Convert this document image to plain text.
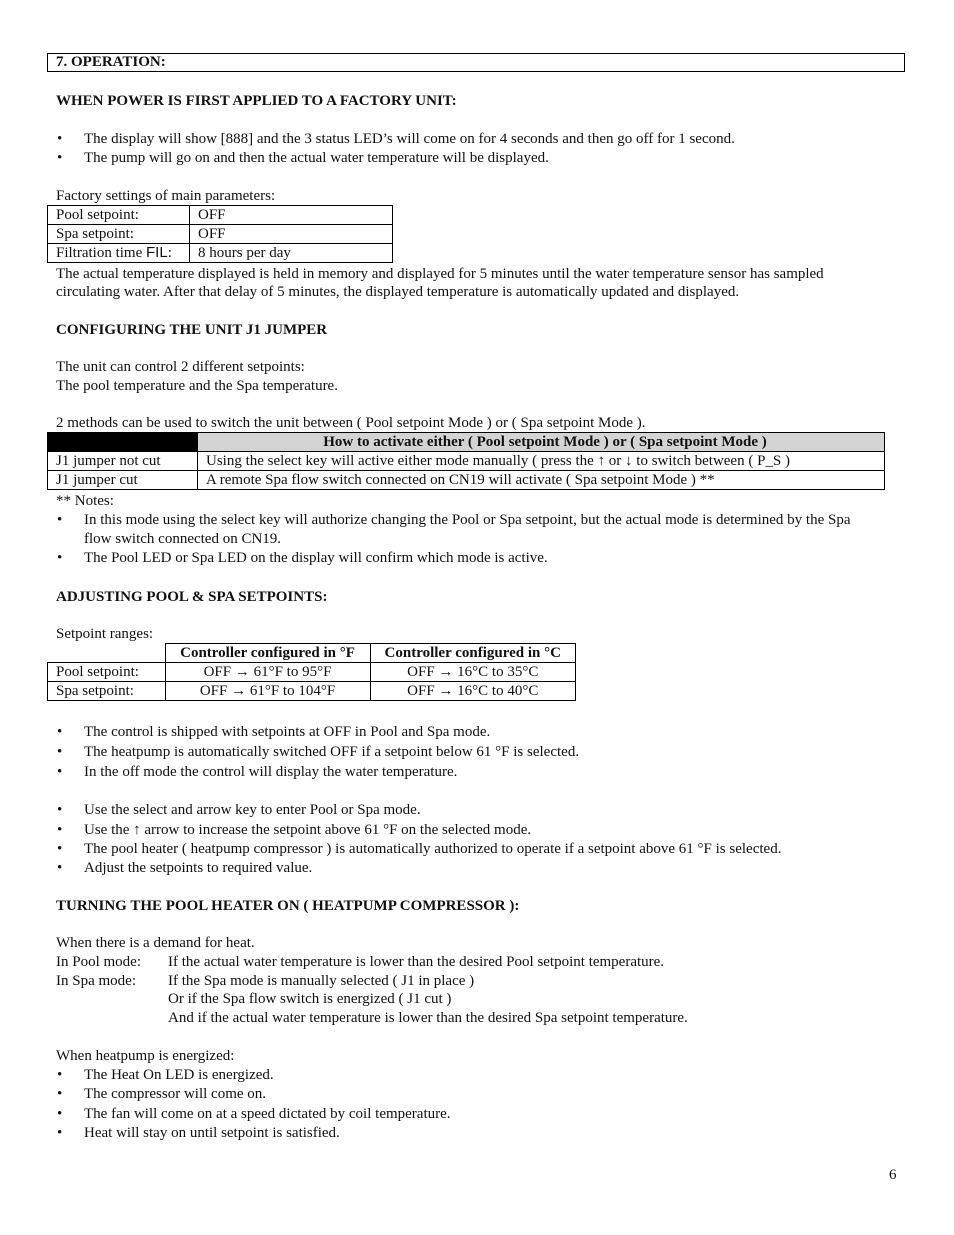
7. OPERATION:
WHEN POWER IS FIRST APPLIED TO A FACTORY UNIT:
• The display will show [888] and the 3 status LED’s will come on for 4 seconds and then go off for 1 second.
• The pump will go on and then the actual water temperature will be displayed.
Factory settings of main parameters:
Pool setpoint:	OFF
Spa setpoint:	OFF
Filtration time FIL:	8 hours per day
The actual temperature displayed is held in memory and displayed for 5 minutes until the water temperature sensor has sampled
circulating water. After that delay of 5 minutes, the displayed temperature is automatically updated and displayed.
CONFIGURING THE UNIT J1 JUMPER
The unit can control 2 different setpoints:
The pool temperature and the Spa temperature.
2 methods can be used to switch the unit between ( Pool setpoint Mode ) or ( Spa setpoint Mode ).
	How to activate either ( Pool setpoint Mode ) or ( Spa setpoint Mode )
J1 jumper not cut	Using the select key will active either mode manually ( press the ↑ or ↓ to switch between ( P_S )
J1 jumper cut	A remote Spa flow switch connected on CN19 will activate ( Spa setpoint Mode ) **
** Notes:
• In this mode using the select key will authorize changing the Pool or Spa setpoint, but the actual mode is determined by the Spa
flow switch connected on CN19.
• The Pool LED or Spa LED on the display will confirm which mode is active.
ADJUSTING POOL & SPA SETPOINTS:
Setpoint ranges:
	Controller configured in °F	Controller configured in °C
Pool setpoint:	OFF → 61°F to 95°F	OFF → 16°C to 35°C
Spa setpoint:	OFF → 61°F to 104°F	OFF → 16°C to 40°C
• The control is shipped with setpoints at OFF in Pool and Spa mode.
• The heatpump is automatically switched OFF if a setpoint below 61 °F is selected.
• In the off mode the control will display the water temperature.
• Use the select and arrow key to enter Pool or Spa mode.
• Use the ↑ arrow to increase the setpoint above 61 °F on the selected mode.
• The pool heater ( heatpump compressor ) is automatically authorized to operate if a setpoint above 61 °F is selected.
• Adjust the setpoints to required value.
TURNING THE POOL HEATER ON ( HEATPUMP COMPRESSOR ):
When there is a demand for heat.
In Pool mode: If the actual water temperature is lower than the desired Pool setpoint temperature.
In Spa mode: If the Spa mode is manually selected ( J1 in place )
Or if the Spa flow switch is energized ( J1 cut )
And if the actual water temperature is lower than the desired Spa setpoint temperature.
When heatpump is energized:
• The Heat On LED is energized.
• The compressor will come on.
• The fan will come on at a speed dictated by coil temperature.
• Heat will stay on until setpoint is satisfied.
6
